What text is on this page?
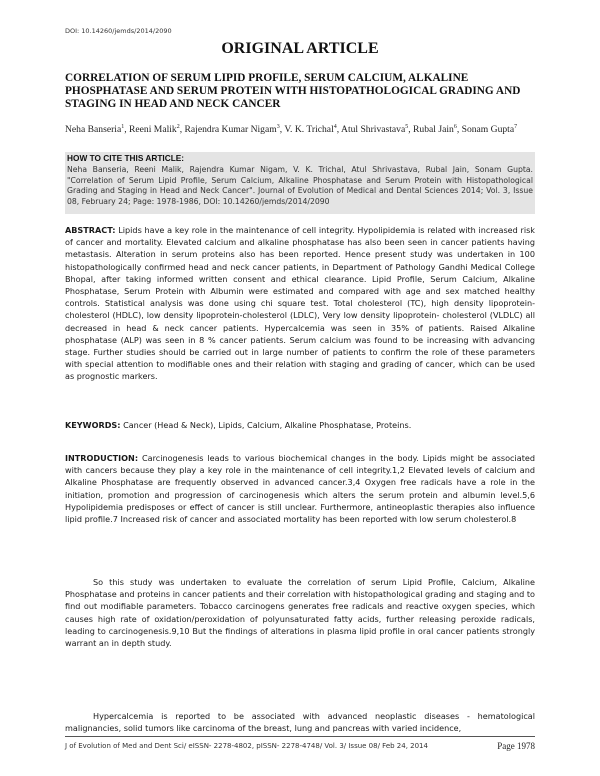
DOI: 10.14260/jemds/2014/2090
ORIGINAL ARTICLE
CORRELATION OF SERUM LIPID PROFILE, SERUM CALCIUM, ALKALINE PHOSPHATASE AND SERUM PROTEIN WITH HISTOPATHOLOGICAL GRADING AND STAGING IN HEAD AND NECK CANCER
Neha Banseria$^1$, Reeni Malik$^2$, Rajendra Kumar Nigam$^3$, V. K. Trichal$^4$, Atul Shrivastava$^5$, Rubal Jain$^6$, Sonam Gupta$^7$
HOW TO CITE THIS ARTICLE:
Neha Banseria, Reeni Malik, Rajendra Kumar Nigam, V. K. Trichal, Atul Shrivastava, Rubal Jain, Sonam Gupta. "Correlation of Serum Lipid Profile, Serum Calcium, Alkaline Phosphatase and Serum Protein with Histopathological Grading and Staging in Head and Neck Cancer". Journal of Evolution of Medical and Dental Sciences 2014; Vol. 3, Issue 08, February 24; Page: 1978-1986, DOI: 10.14260/jemds/2014/2090

ABSTRACT: Lipids have a key role in the maintenance of cell integrity. Hypolipidemia is related with increased risk of cancer and mortality. Elevated calcium and alkaline phosphatase has also been seen in cancer patients having metastasis. Alteration in serum proteins also has been reported. Hence present study was undertaken in 100 histopathologically confirmed head and neck cancer patients, in Department of Pathology Gandhi Medical College Bhopal, after taking informed written consent and ethical clearance. Lipid Profile, Serum Calcium, Alkaline Phosphatase, Serum Protein with Albumin were estimated and compared with age and sex matched healthy controls. Statistical analysis was done using chi square test. Total cholesterol (TC), high density lipoprotein-cholesterol (HDLC), low density lipoprotein-cholesterol (LDLC), Very low density lipoprotein- cholesterol (VLDLC) all decreased in head & neck cancer patients. Hypercalcemia was seen in 35% of patients. Raised Alkaline phosphatase (ALP) was seen in 8 % cancer patients. Serum calcium was found to be increasing with advancing stage. Further studies should be carried out in large number of patients to confirm the role of these parameters with special attention to modifiable ones and their relation with staging and grading of cancer, which can be used as prognostic markers.

KEYWORDS: Cancer (Head & Neck), Lipids, Calcium, Alkaline Phosphatase, Proteins.

INTRODUCTION: Carcinogenesis leads to various biochemical changes in the body. Lipids might be associated with cancers because they play a key role in the maintenance of cell integrity.1,2 Elevated levels of calcium and Alkaline Phosphatase are frequently observed in advanced cancer.3,4 Oxygen free radicals have a role in the initiation, promotion and progression of carcinogenesis which alters the serum protein and albumin level.5,6 Hypolipidemia predisposes or effect of cancer is still unclear. Furthermore, antineoplastic therapies also influence lipid profile.7 Increased risk of cancer and associated mortality has been reported with low serum cholesterol.8

So this study was undertaken to evaluate the correlation of serum Lipid Profile, Calcium, Alkaline Phosphatase and proteins in cancer patients and their correlation with histopathological grading and staging and to find out modifiable parameters. Tobacco carcinogens generates free radicals and reactive oxygen species, which causes high rate of oxidation/peroxidation of polyunsaturated fatty acids, further releasing peroxide radicals, leading to carcinogenesis.9,10 But the findings of alterations in plasma lipid profile in oral cancer patients strongly warrant an in depth study.

Hypercalcemia is reported to be associated with advanced neoplastic diseases - hematological malignancies, solid tumors like carcinoma of the breast, lung and pancreas with varied incidence,

J of Evolution of Med and Dent Sci/ eISSN- 2278-4802, pISSN- 2278-4748/ Vol. 3/ Issue 08/ Feb 24, 2014	Page 1978
